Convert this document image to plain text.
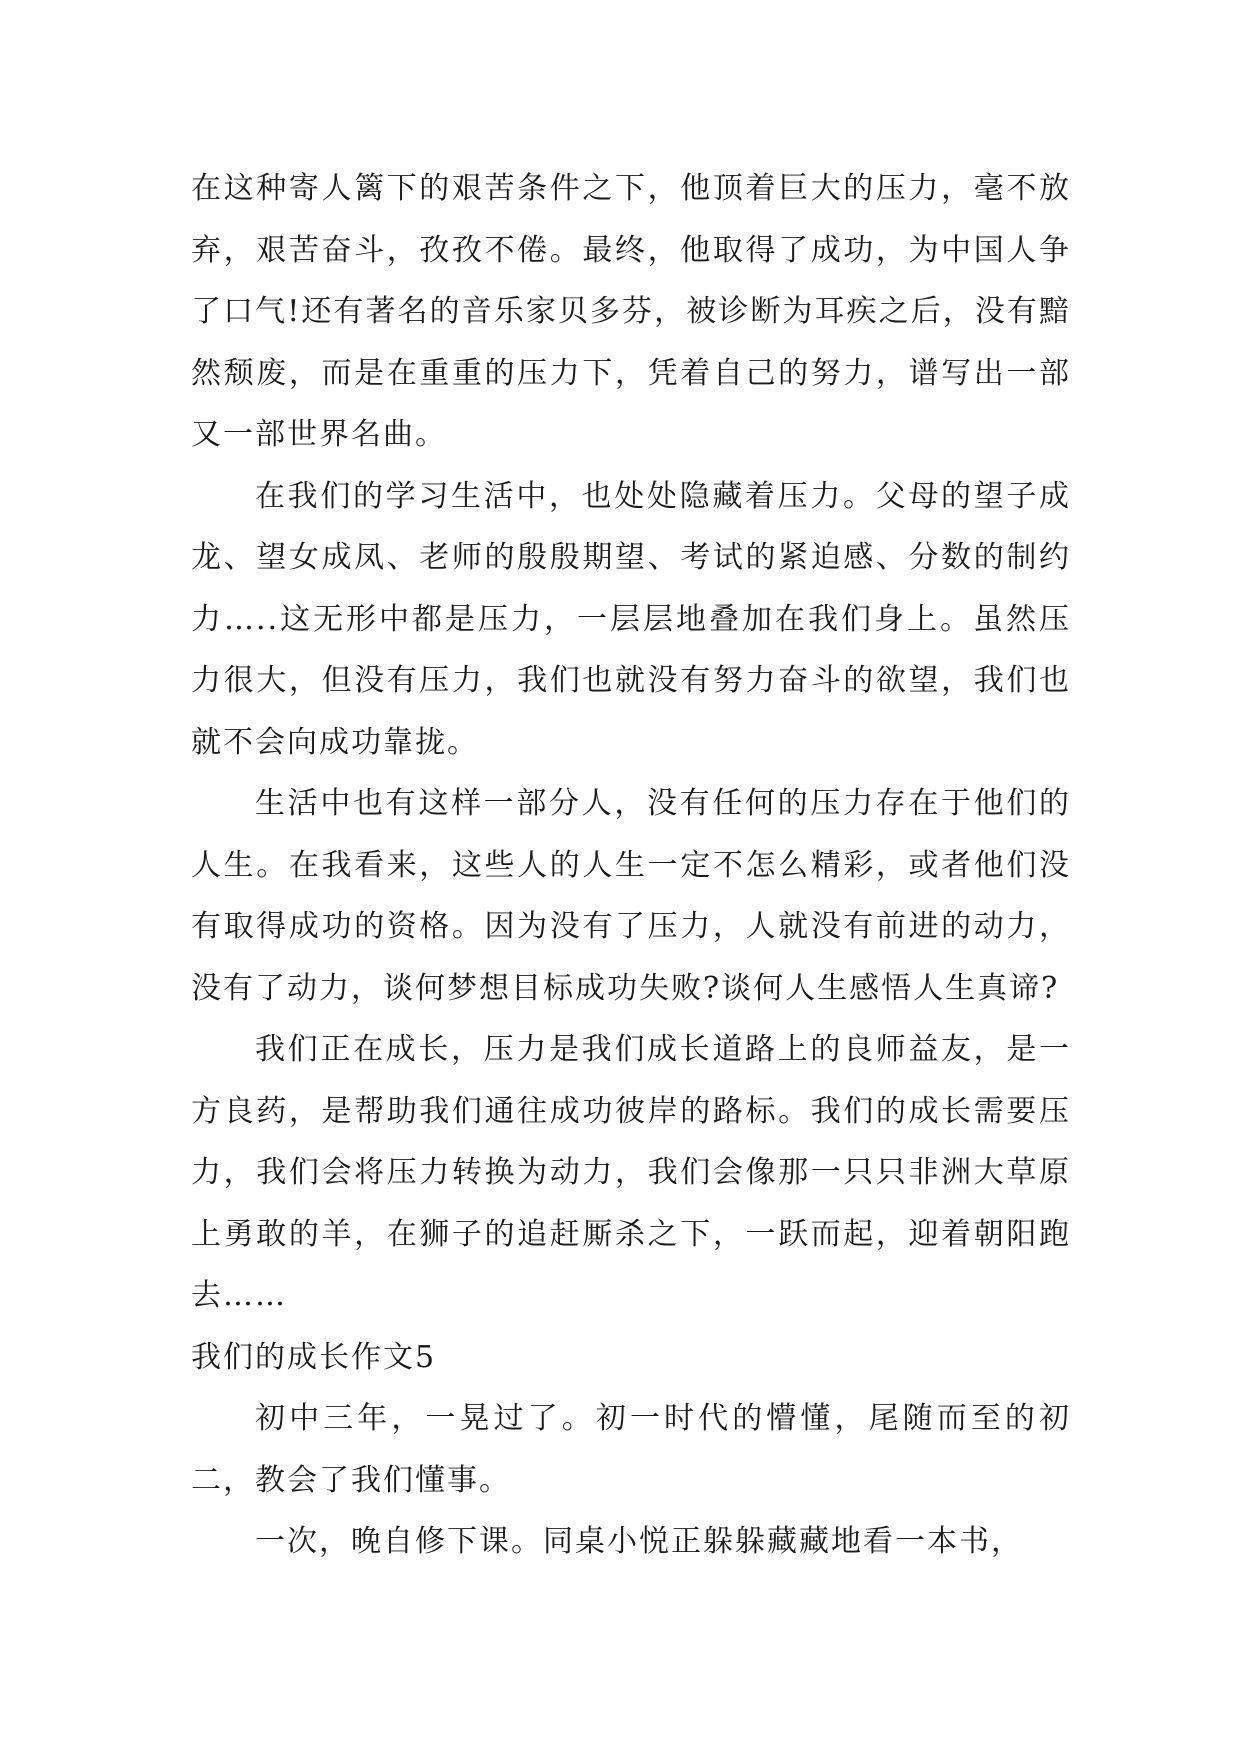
在这种寄人篱下的艰苦条件之下，他顶着巨大的压力，毫不放弃，艰苦奋斗，孜孜不倦。最终，他取得了成功，为中国人争了口气!还有著名的音乐家贝多芬，被诊断为耳疾之后，没有黯然颓废，而是在重重的压力下，凭着自己的努力，谱写出一部又一部世界名曲。

在我们的学习生活中，也处处隐藏着压力。父母的望子成龙、望女成凤、老师的殷殷期望、考试的紧迫感、分数的制约力…..这无形中都是压力，一层层地叠加在我们身上。虽然压力很大，但没有压力，我们也就没有努力奋斗的欲望，我们也就不会向成功靠拢。

生活中也有这样一部分人，没有任何的压力存在于他们的人生。在我看来，这些人的人生一定不怎么精彩，或者他们没有取得成功的资格。因为没有了压力，人就没有前进的动力，没有了动力，谈何梦想目标成功失败?谈何人生感悟人生真谛?

我们正在成长，压力是我们成长道路上的良师益友，是一方良药，是帮助我们通往成功彼岸的路标。我们的成长需要压力，我们会将压力转换为动力，我们会像那一只只非洲大草原上勇敢的羊，在狮子的追赶厮杀之下，一跃而起，迎着朝阳跑去……

我们的成长作文5

初中三年，一晃过了。初一时代的懵懂，尾随而至的初二，教会了我们懂事。

一次，晚自修下课。同桌小悦正躲躲藏藏地看一本书，
